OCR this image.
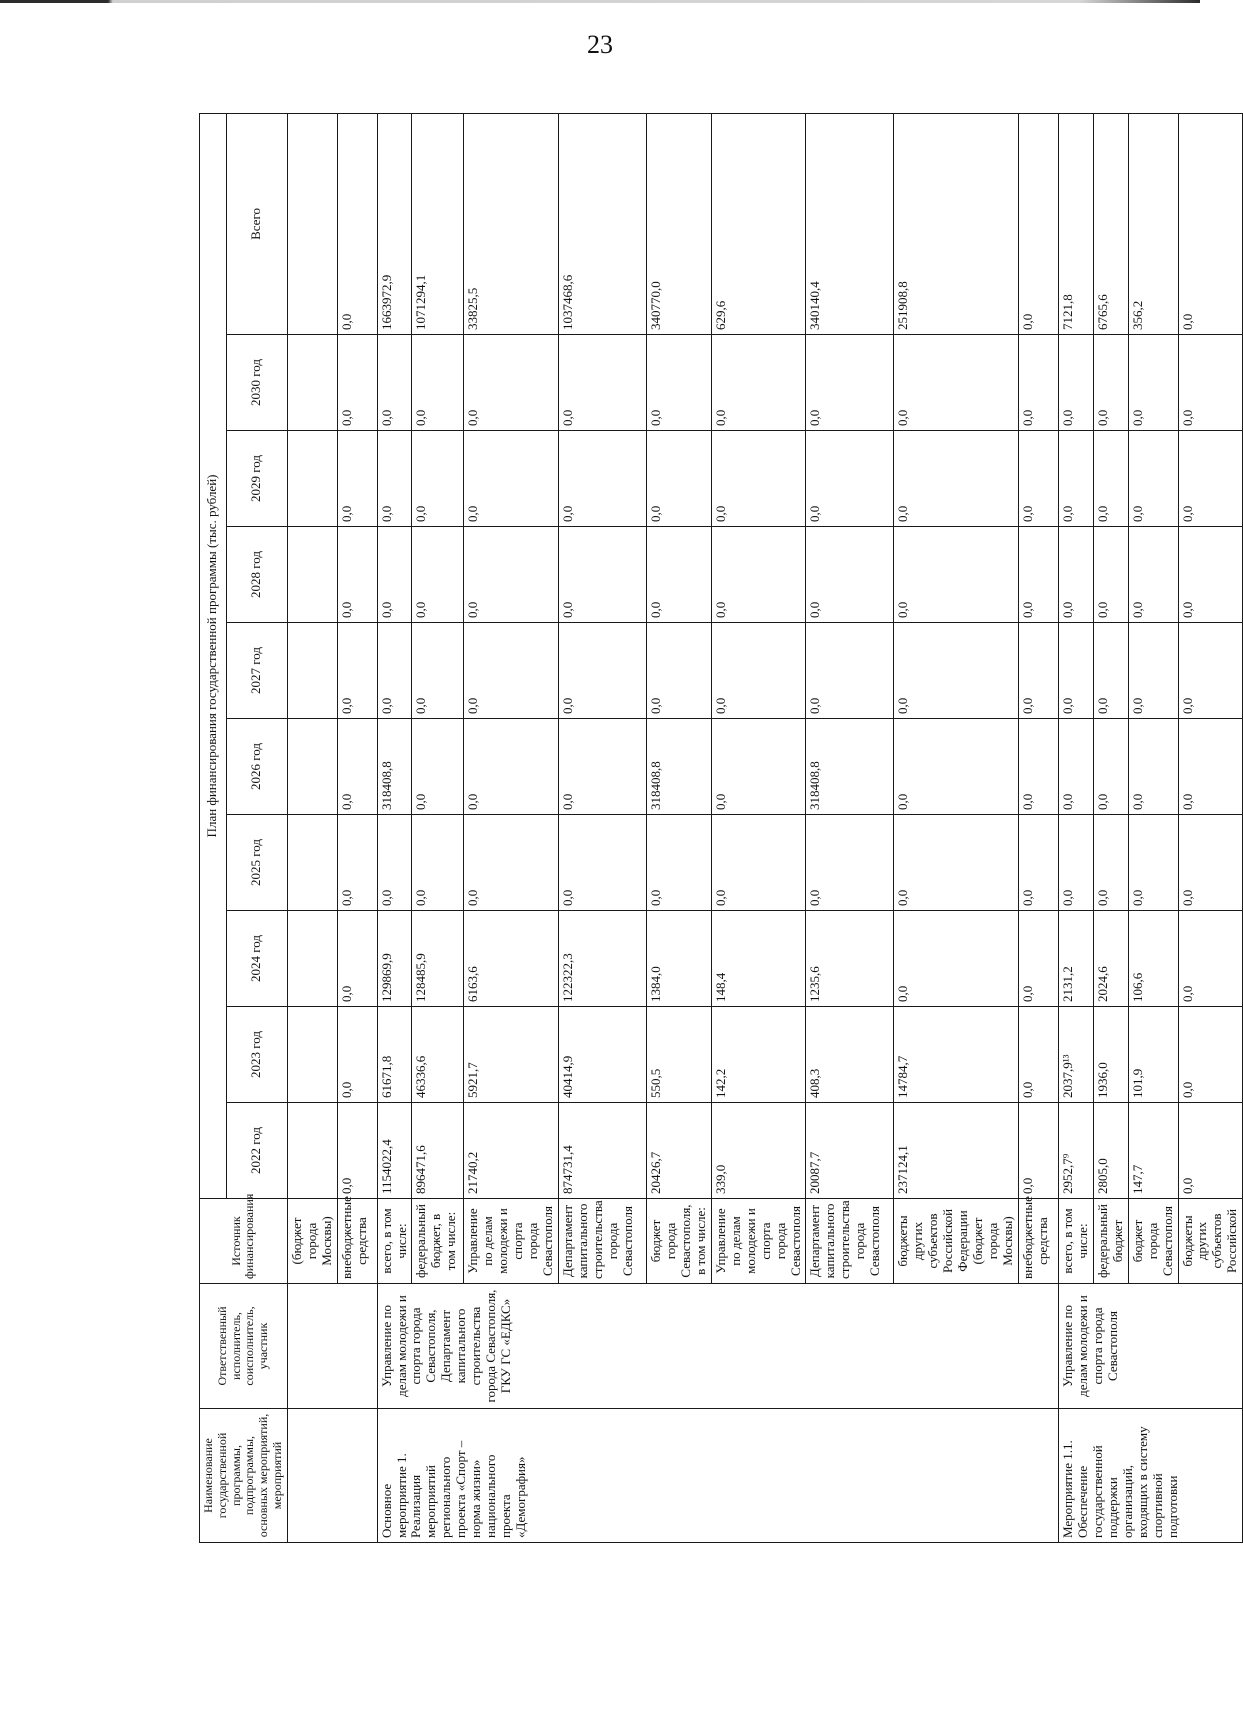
23
Наименование государственной программы, подпрограммы, основных мероприятий, мероприятий	Ответственный исполнитель, соисполнитель, участник	Источник финансирования	План финансирования государственной программы (тыс. рублей)									
			2022 год	2023 год	2024 год	2025 год	2026 год	2027 год	2028 год	2029 год	2030 год	Всего
		(бюджет города Москвы)										
		внебюджетные средства	0,0	0,0	0,0	0,0	0,0	0,0	0,0	0,0	0,0	0,0
Основное мероприятие 1. Реализация мероприятий регионального проекта «Спорт – норма жизни» национального проекта «Демография»	Управление по делам молодежи и спорта города Севастополя, Департамент капитального строительства города Севастополя, ГКУ ГС «ЕДКС»	всего, в том числе:	1154022,4	61671,8	129869,9	0,0	318408,8	0,0	0,0	0,0	0,0	1663972,9
		федеральный бюджет, в том числе:	896471,6	46336,6	128485,9	0,0	0,0	0,0	0,0	0,0	0,0	1071294,1
		Управление по делам молодежи и спорта города Севастополя	21740,2	5921,7	6163,6	0,0	0,0	0,0	0,0	0,0	0,0	33825,5
		Департамент капитального строительства города Севастополя	874731,4	40414,9	122322,3	0,0	0,0	0,0	0,0	0,0	0,0	1037468,6
		бюджет города Севастополя, в том числе:	20426,7	550,5	1384,0	0,0	318408,8	0,0	0,0	0,0	0,0	340770,0
		Управление по делам молодежи и спорта города Севастополя	339,0	142,2	148,4	0,0	0,0	0,0	0,0	0,0	0,0	629,6
		Департамент капитального строительства города Севастополя	20087,7	408,3	1235,6	0,0	318408,8	0,0	0,0	0,0	0,0	340140,4
		бюджеты других субъектов Российской Федерации (бюджет города Москвы)	237124,1	14784,7	0,0	0,0	0,0	0,0	0,0	0,0	0,0	251908,8
		внебюджетные средства	0,0	0,0	0,0	0,0	0,0	0,0	0,0	0,0	0,0	0,0
Мероприятие 1.1. Обеспечение государственной поддержки организаций, входящих в систему спортивной подготовки	Управление по делам молодежи и спорта города Севастополя	всего, в том числе:	2952,7⁹	2037,9¹³	2131,2	0,0	0,0	0,0	0,0	0,0	0,0	7121,8
		федеральный бюджет	2805,0	1936,0	2024,6	0,0	0,0	0,0	0,0	0,0	0,0	6765,6
		бюджет города Севастополя	147,7	101,9	106,6	0,0	0,0	0,0	0,0	0,0	0,0	356,2
		бюджеты других субъектов Российской	0,0	0,0	0,0	0,0	0,0	0,0	0,0	0,0	0,0	0,0
